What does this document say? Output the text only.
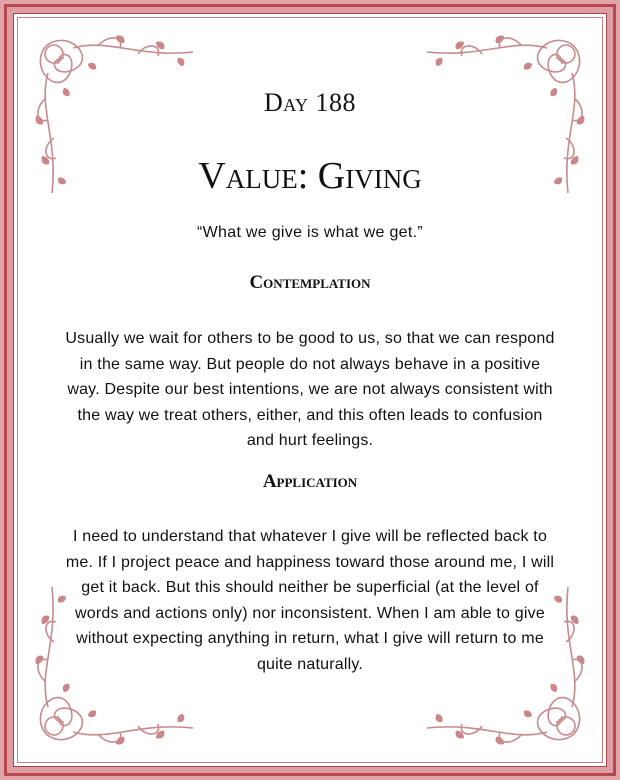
Day 188
Value: Giving
“What we give is what we get.”
Contemplation
Usually we wait for others to be good to us, so that we can respond in the same way. But people do not always behave in a positive way. Despite our best intentions, we are not always consistent with the way we treat others, either, and this often leads to confusion and hurt feelings.
Application
I need to understand that whatever I give will be reflected back to me. If I project peace and happiness toward those around me, I will get it back. But this should neither be superficial (at the level of words and actions only) nor inconsistent. When I am able to give without expecting anything in return, what I give will return to me quite naturally.
